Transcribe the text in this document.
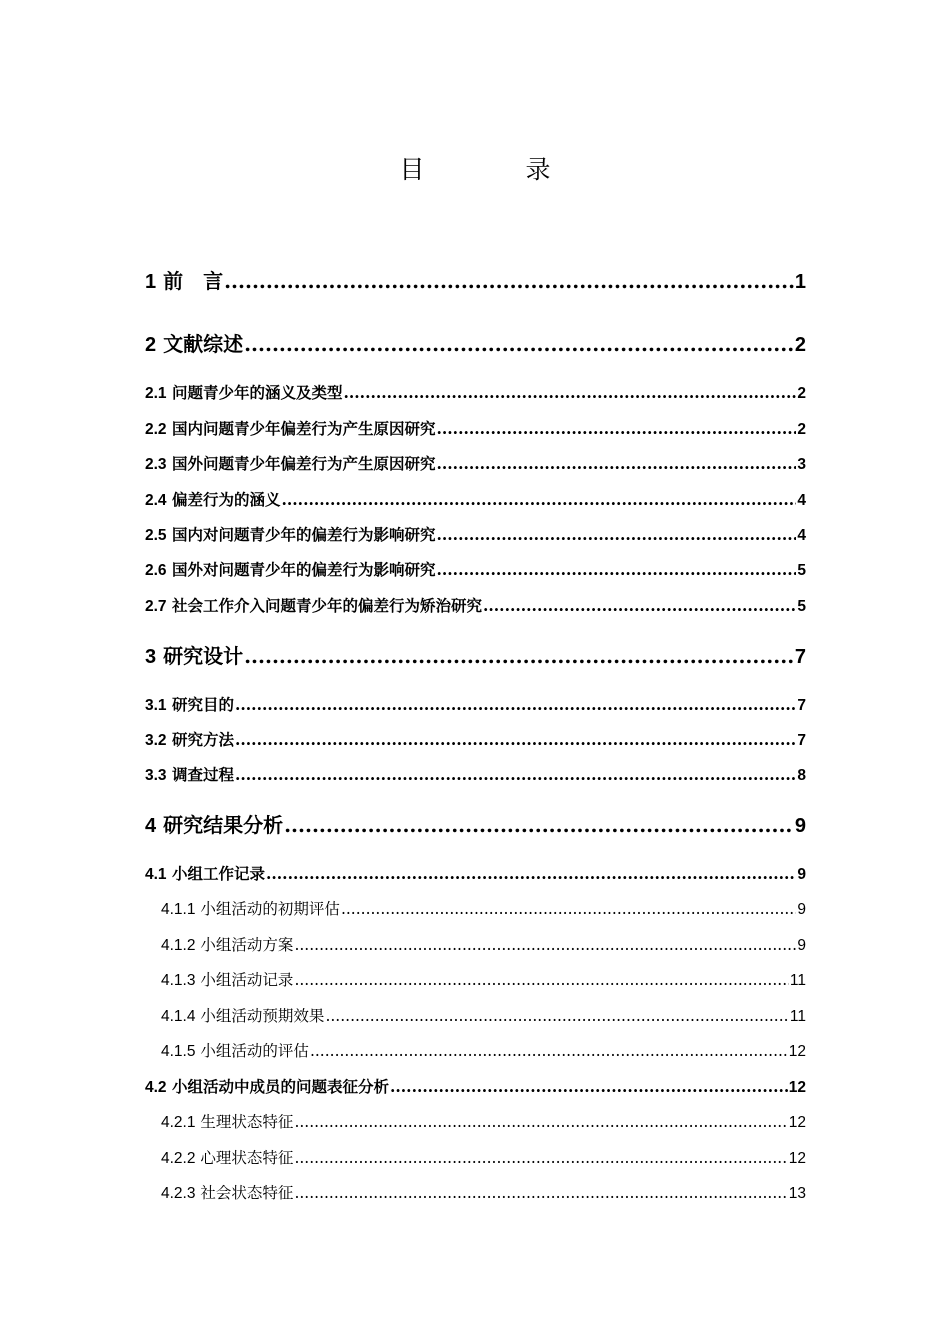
目　录
1 前　言 .....	1
2 文献综述 .....	2
2.1 问题青少年的涵义及类型 .....	2
2.2 国内问题青少年偏差行为产生原因研究 .....	2
2.3 国外问题青少年偏差行为产生原因研究 .....	3
2.4 偏差行为的涵义 .....	4
2.5 国内对问题青少年的偏差行为影响研究 .....	4
2.6 国外对问题青少年的偏差行为影响研究 .....	5
2.7 社会工作介入问题青少年的偏差行为矫治研究 .....	5
3 研究设计 .....	7
3.1 研究目的 .....	7
3.2 研究方法 .....	7
3.3 调查过程 .....	8
4 研究结果分析 .....	9
4.1 小组工作记录 .....	9
4.1.1 小组活动的初期评估 .....	9
4.1.2 小组活动方案 .....	9
4.1.3 小组活动记录 .....	11
4.1.4 小组活动预期效果 .....	11
4.1.5 小组活动的评估 .....	12
4.2 小组活动中成员的问题表征分析 .....	12
4.2.1 生理状态特征 .....	12
4.2.2 心理状态特征 .....	12
4.2.3 社会状态特征 .....	13
